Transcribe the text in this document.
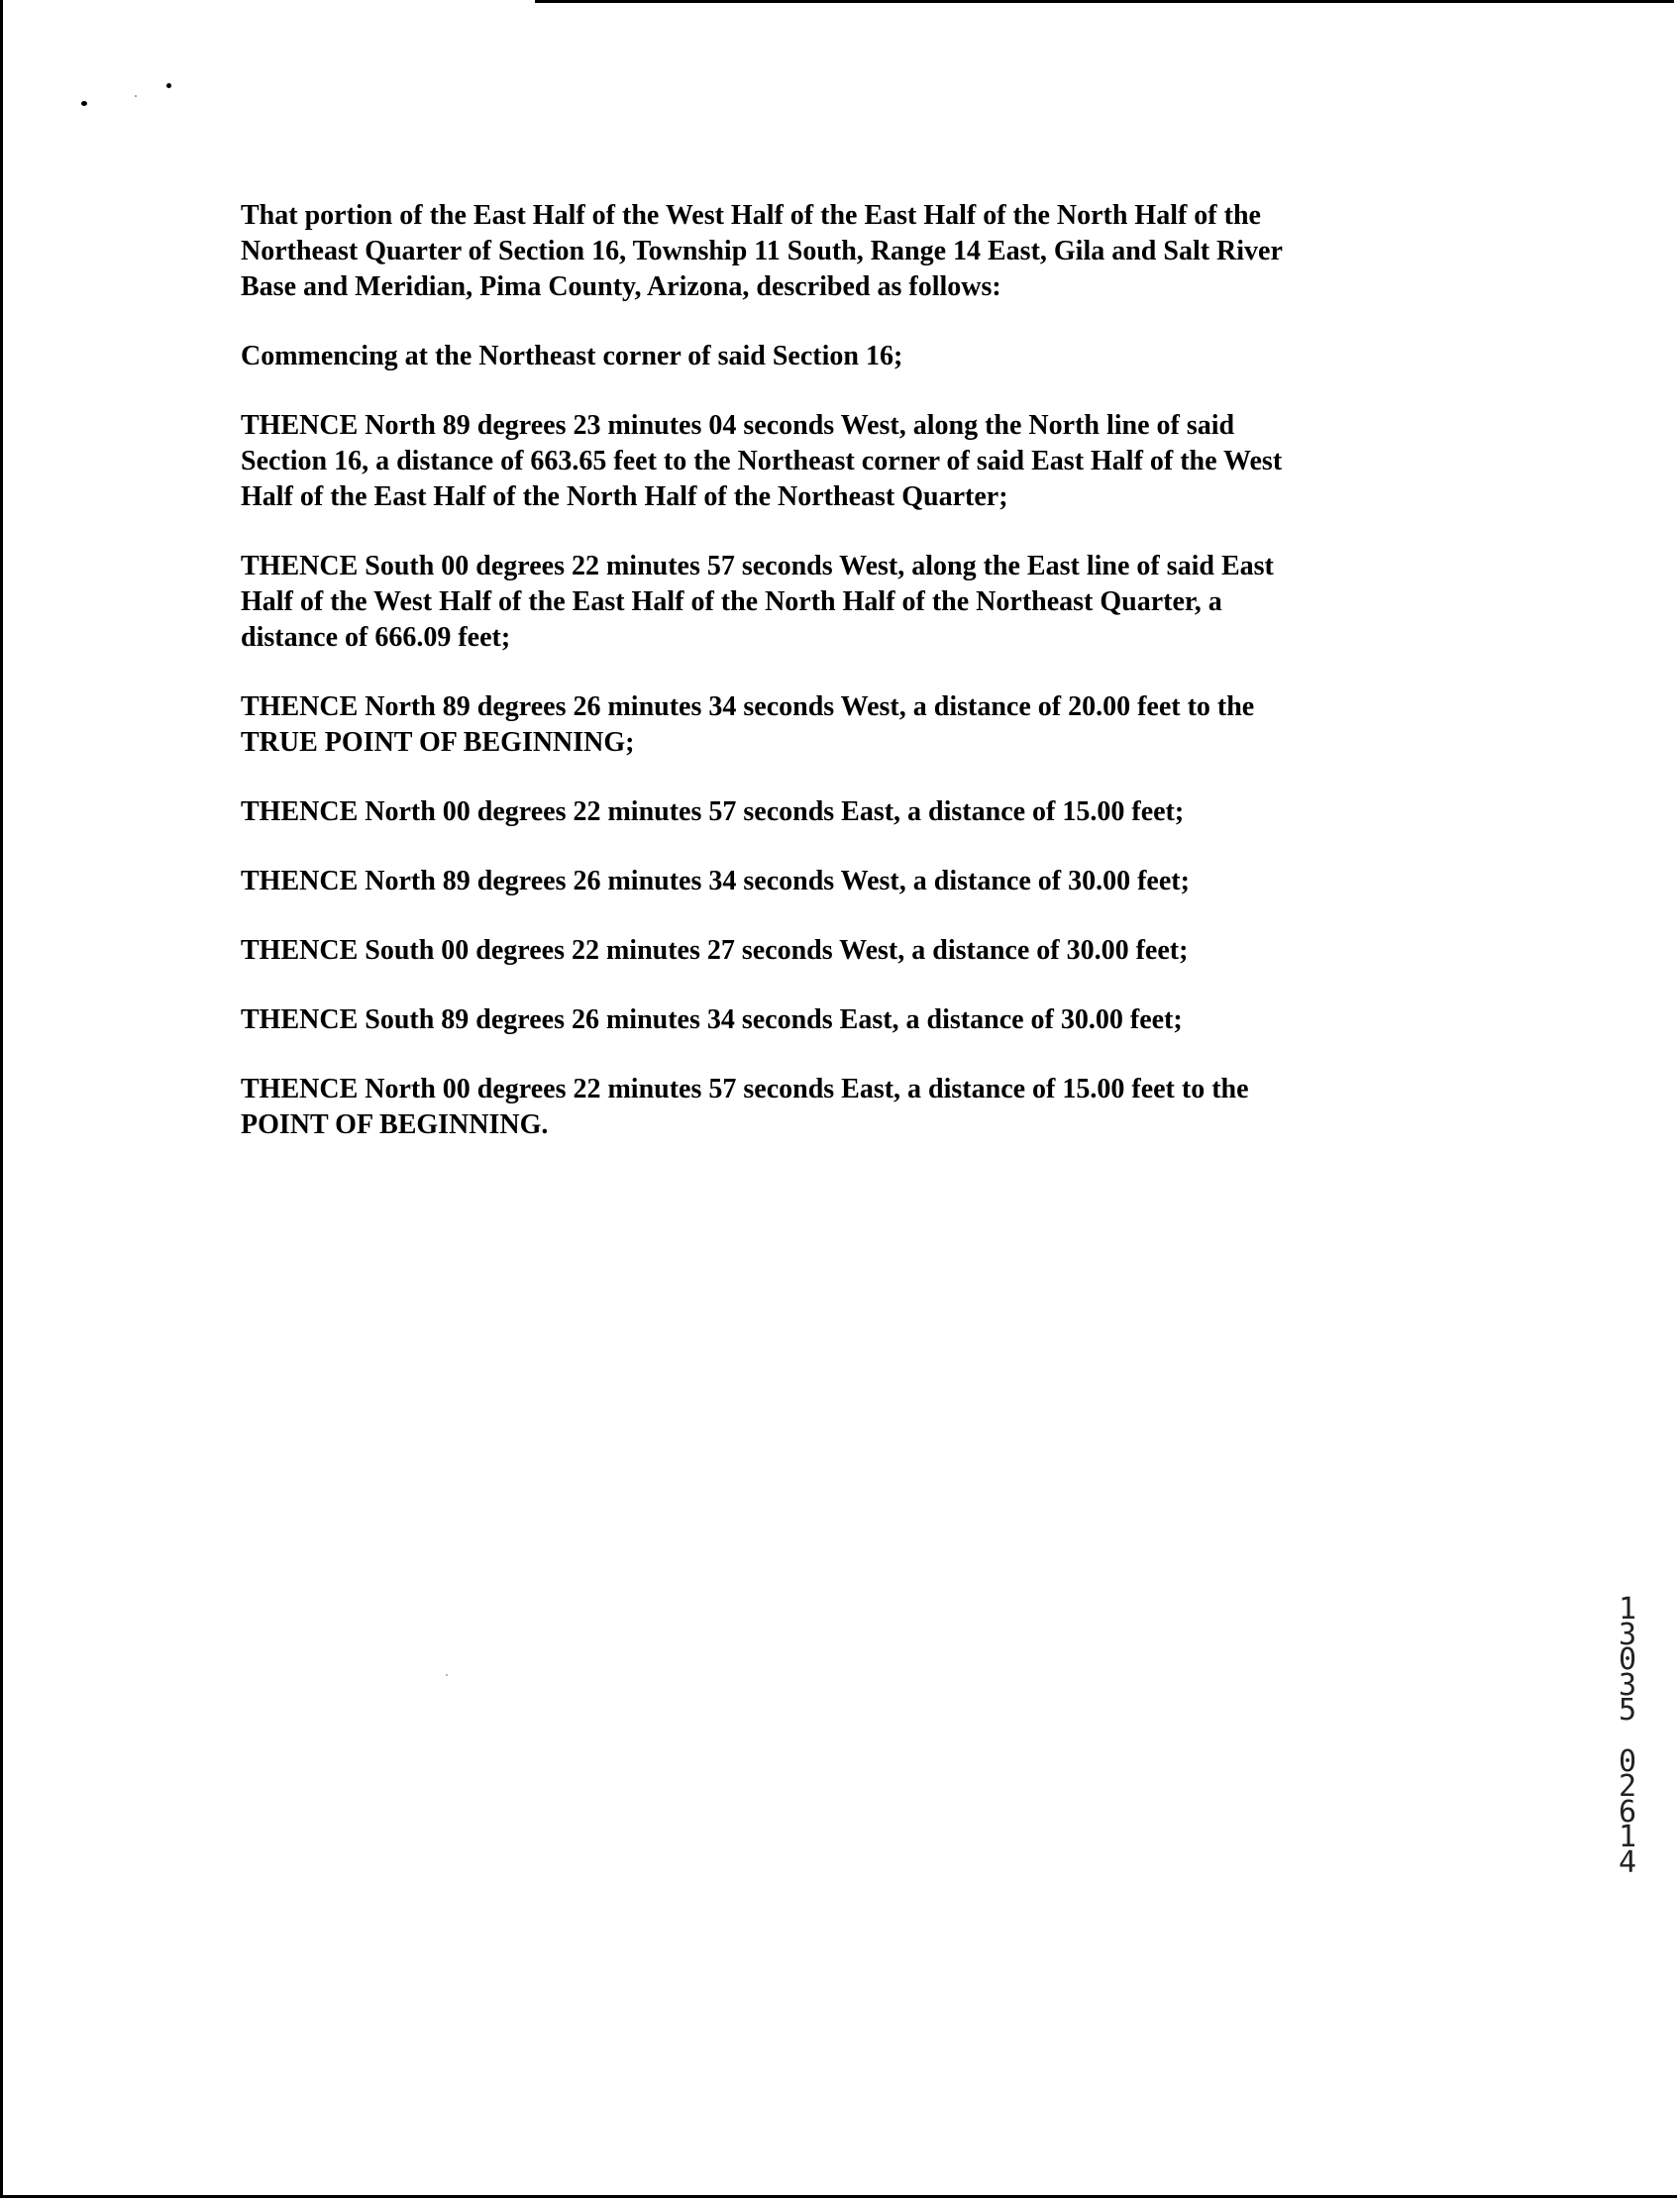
That portion of the East Half of the West Half of the East Half of the North Half of the
Northeast Quarter of Section 16, Township 11 South, Range 14 East, Gila and Salt River
Base and Meridian, Pima County, Arizona, described as follows:

Commencing at the Northeast corner of said Section 16;

THENCE North 89 degrees 23 minutes 04 seconds West, along the North line of said
Section 16, a distance of 663.65 feet to the Northeast corner of said East Half of the West
Half of the East Half of the North Half of the Northeast Quarter;

THENCE South 00 degrees 22 minutes 57 seconds West, along the East line of said East
Half of the West Half of the East Half of the North Half of the Northeast Quarter, a
distance of 666.09 feet;

THENCE North 89 degrees 26 minutes 34 seconds West, a distance of 20.00 feet to the
TRUE POINT OF BEGINNING;

THENCE North 00 degrees 22 minutes 57 seconds East, a distance of 15.00 feet;

THENCE North 89 degrees 26 minutes 34 seconds West, a distance of 30.00 feet;

THENCE South 00 degrees 22 minutes 27 seconds West, a distance of 30.00 feet;

THENCE South 89 degrees 26 minutes 34 seconds East, a distance of 30.00 feet;

THENCE North 00 degrees 22 minutes 57 seconds East, a distance of 15.00 feet to the
POINT OF BEGINNING.

1
3
0
3
5

0
2
6
1
4
